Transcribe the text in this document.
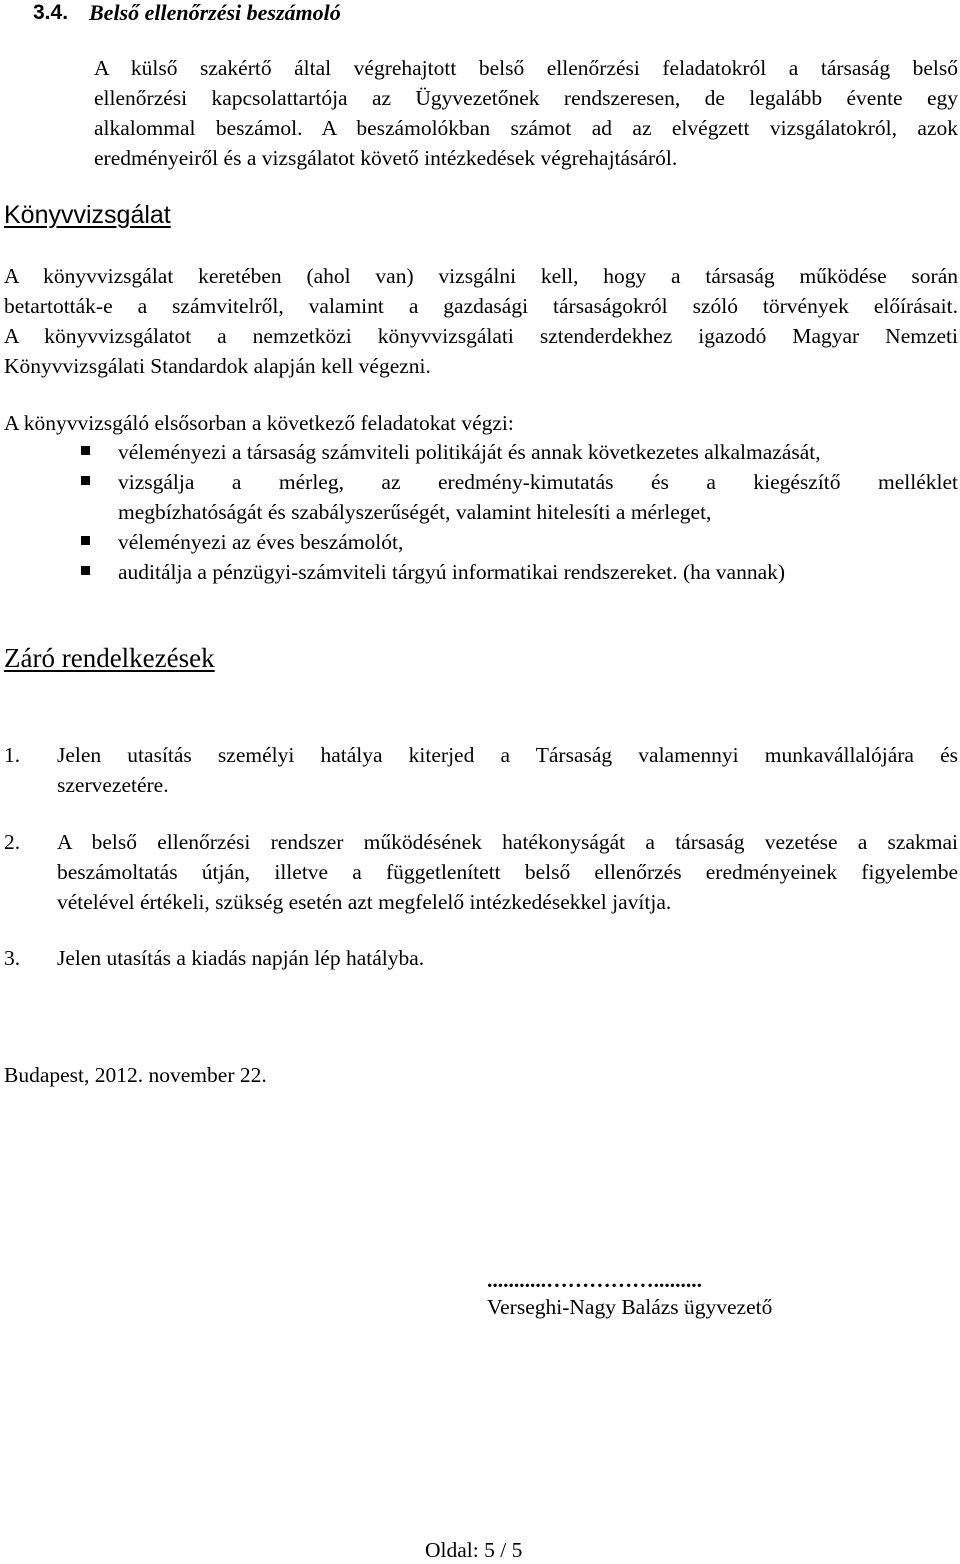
3.4. Belső ellenőrzési beszámoló
A külső szakértő által végrehajtott belső ellenőrzési feladatokról a társaság belső
ellenőrzési kapcsolattartója az Ügyvezetőnek rendszeresen, de legalább évente egy
alkalommal beszámol. A beszámolókban számot ad az elvégzett vizsgálatokról, azok
eredményeiről és a vizsgálatot követő intézkedések végrehajtásáról.
Könyvvizsgálat
A könyvvizsgálat keretében (ahol van) vizsgálni kell, hogy a társaság működése során
betartották-e a számvitelről, valamint a gazdasági társaságokról szóló törvények előírásait.
A könyvvizsgálatot a nemzetközi könyvvizsgálati sztenderdekhez igazodó Magyar Nemzeti
Könyvvizsgálati Standardok alapján kell végezni.
A könyvvizsgáló elsősorban a következő feladatokat végzi:
véleményezi a társaság számviteli politikáját és annak következetes alkalmazását,
vizsgálja a mérleg, az eredmény-kimutatás és a kiegészítő melléklet
megbízhatóságát és szabályszerűségét, valamint hitelesíti a mérleget,
véleményezi az éves beszámolót,
auditálja a pénzügyi-számviteli tárgyú informatikai rendszereket. (ha vannak)
Záró rendelkezések
1. Jelen utasítás személyi hatálya kiterjed a Társaság valamennyi munkavállalójára és
szervezetére.
2. A belső ellenőrzési rendszer működésének hatékonyságát a társaság vezetése a szakmai
beszámoltatás útján, illetve a függetlenített belső ellenőrzés eredményeinek figyelembe
vételével értékeli, szükség esetén azt megfelelő intézkedésekkel javítja.
3. Jelen utasítás a kiadás napján lép hatályba.
Budapest, 2012. november 22.
...........…………….........
Verseghi-Nagy Balázs ügyvezető
Oldal: 5 / 5
